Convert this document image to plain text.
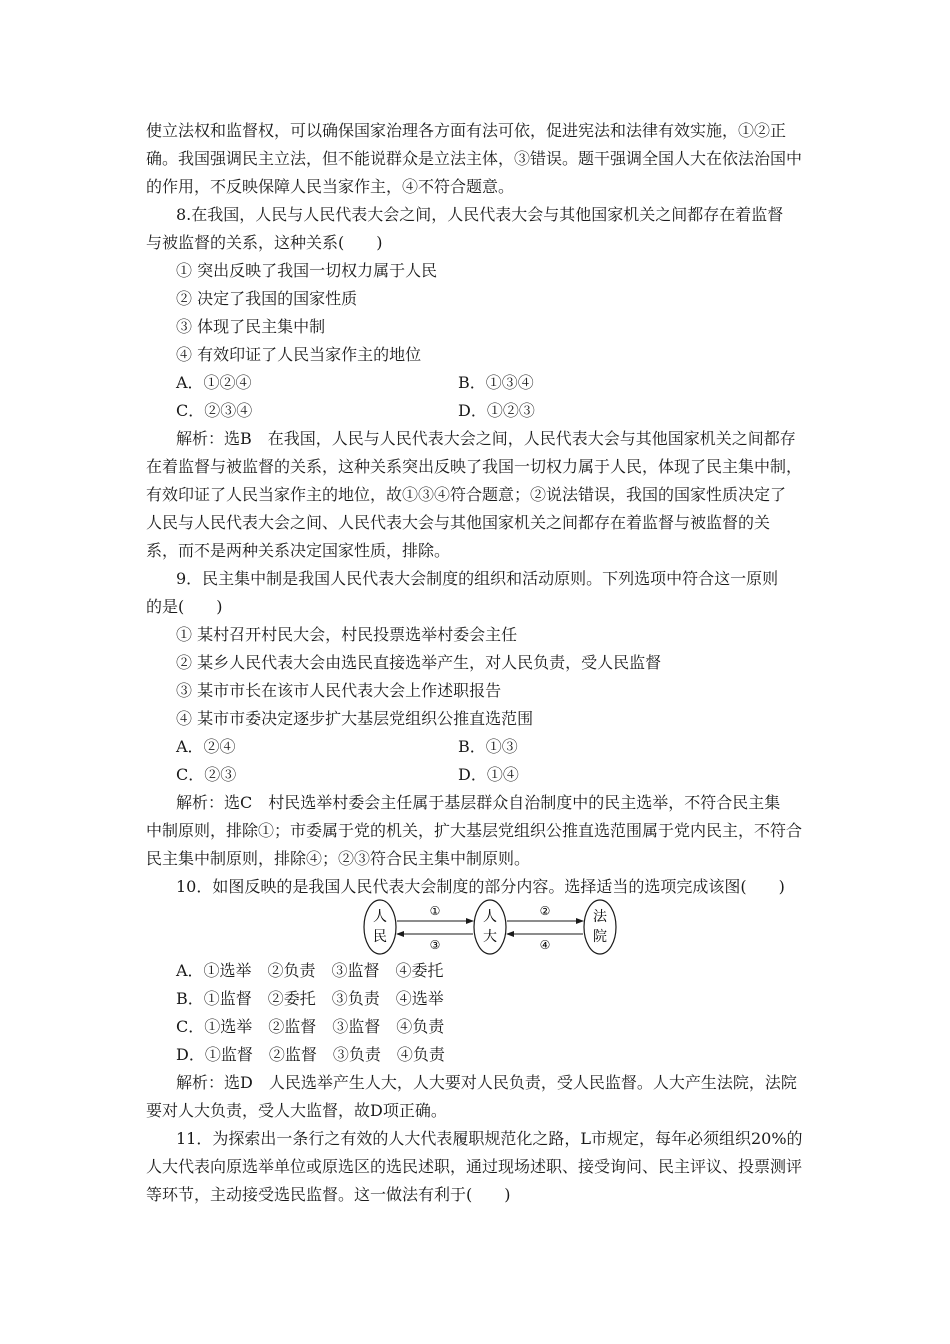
使立法权和监督权，可以确保国家治理各方面有法可依，促进宪法和法律有效实施，①②正
确。我国强调民主立法，但不能说群众是立法主体，③错误。题干强调全国人大在依法治国中
的作用，不反映保障人民当家作主，④不符合题意。
8.在我国，人民与人民代表大会之间，人民代表大会与其他国家机关之间都存在着监督
与被监督的关系，这种关系(　　)
① 突出反映了我国一切权力属于人民
② 决定了我国的国家性质
③ 体现了民主集中制
④ 有效印证了人民当家作主的地位
A．①②④	B．①③④
C．②③④	D．①②③
解析：选B　在我国，人民与人民代表大会之间，人民代表大会与其他国家机关之间都存
在着监督与被监督的关系，这种关系突出反映了我国一切权力属于人民，体现了民主集中制，
有效印证了人民当家作主的地位，故①③④符合题意；②说法错误，我国的国家性质决定了
人民与人民代表大会之间、人民代表大会与其他国家机关之间都存在着监督与被监督的关
系，而不是两种关系决定国家性质，排除。
9．民主集中制是我国人民代表大会制度的组织和活动原则。下列选项中符合这一原则
的是(　　)
① 某村召开村民大会，村民投票选举村委会主任
② 某乡人民代表大会由选民直接选举产生，对人民负责，受人民监督
③ 某市市长在该市人民代表大会上作述职报告
④ 某市市委决定逐步扩大基层党组织公推直选范围
A．②④	B．①③
C．②③	D．①④
解析：选C　村民选举村委会主任属于基层群众自治制度中的民主选举，不符合民主集
中制原则，排除①；市委属于党的机关，扩大基层党组织公推直选范围属于党内民主，不符合
民主集中制原则，排除④；②③符合民主集中制原则。
10．如图反映的是我国人民代表大会制度的部分内容。选择适当的选项完成该图(　　)
人
民
人
大
法
院
①	②
③	④
A．①选举　②负责　③监督　④委托
B．①监督　②委托　③负责　④选举
C．①选举　②监督　③监督　④负责
D．①监督　②监督　③负责　④负责
解析：选D　人民选举产生人大，人大要对人民负责，受人民监督。人大产生法院，法院
要对人大负责，受人大监督，故D项正确。
11．为探索出一条行之有效的人大代表履职规范化之路，L市规定，每年必须组织20%的
人大代表向原选举单位或原选区的选民述职，通过现场述职、接受询问、民主评议、投票测评
等环节，主动接受选民监督。这一做法有利于(　　)
